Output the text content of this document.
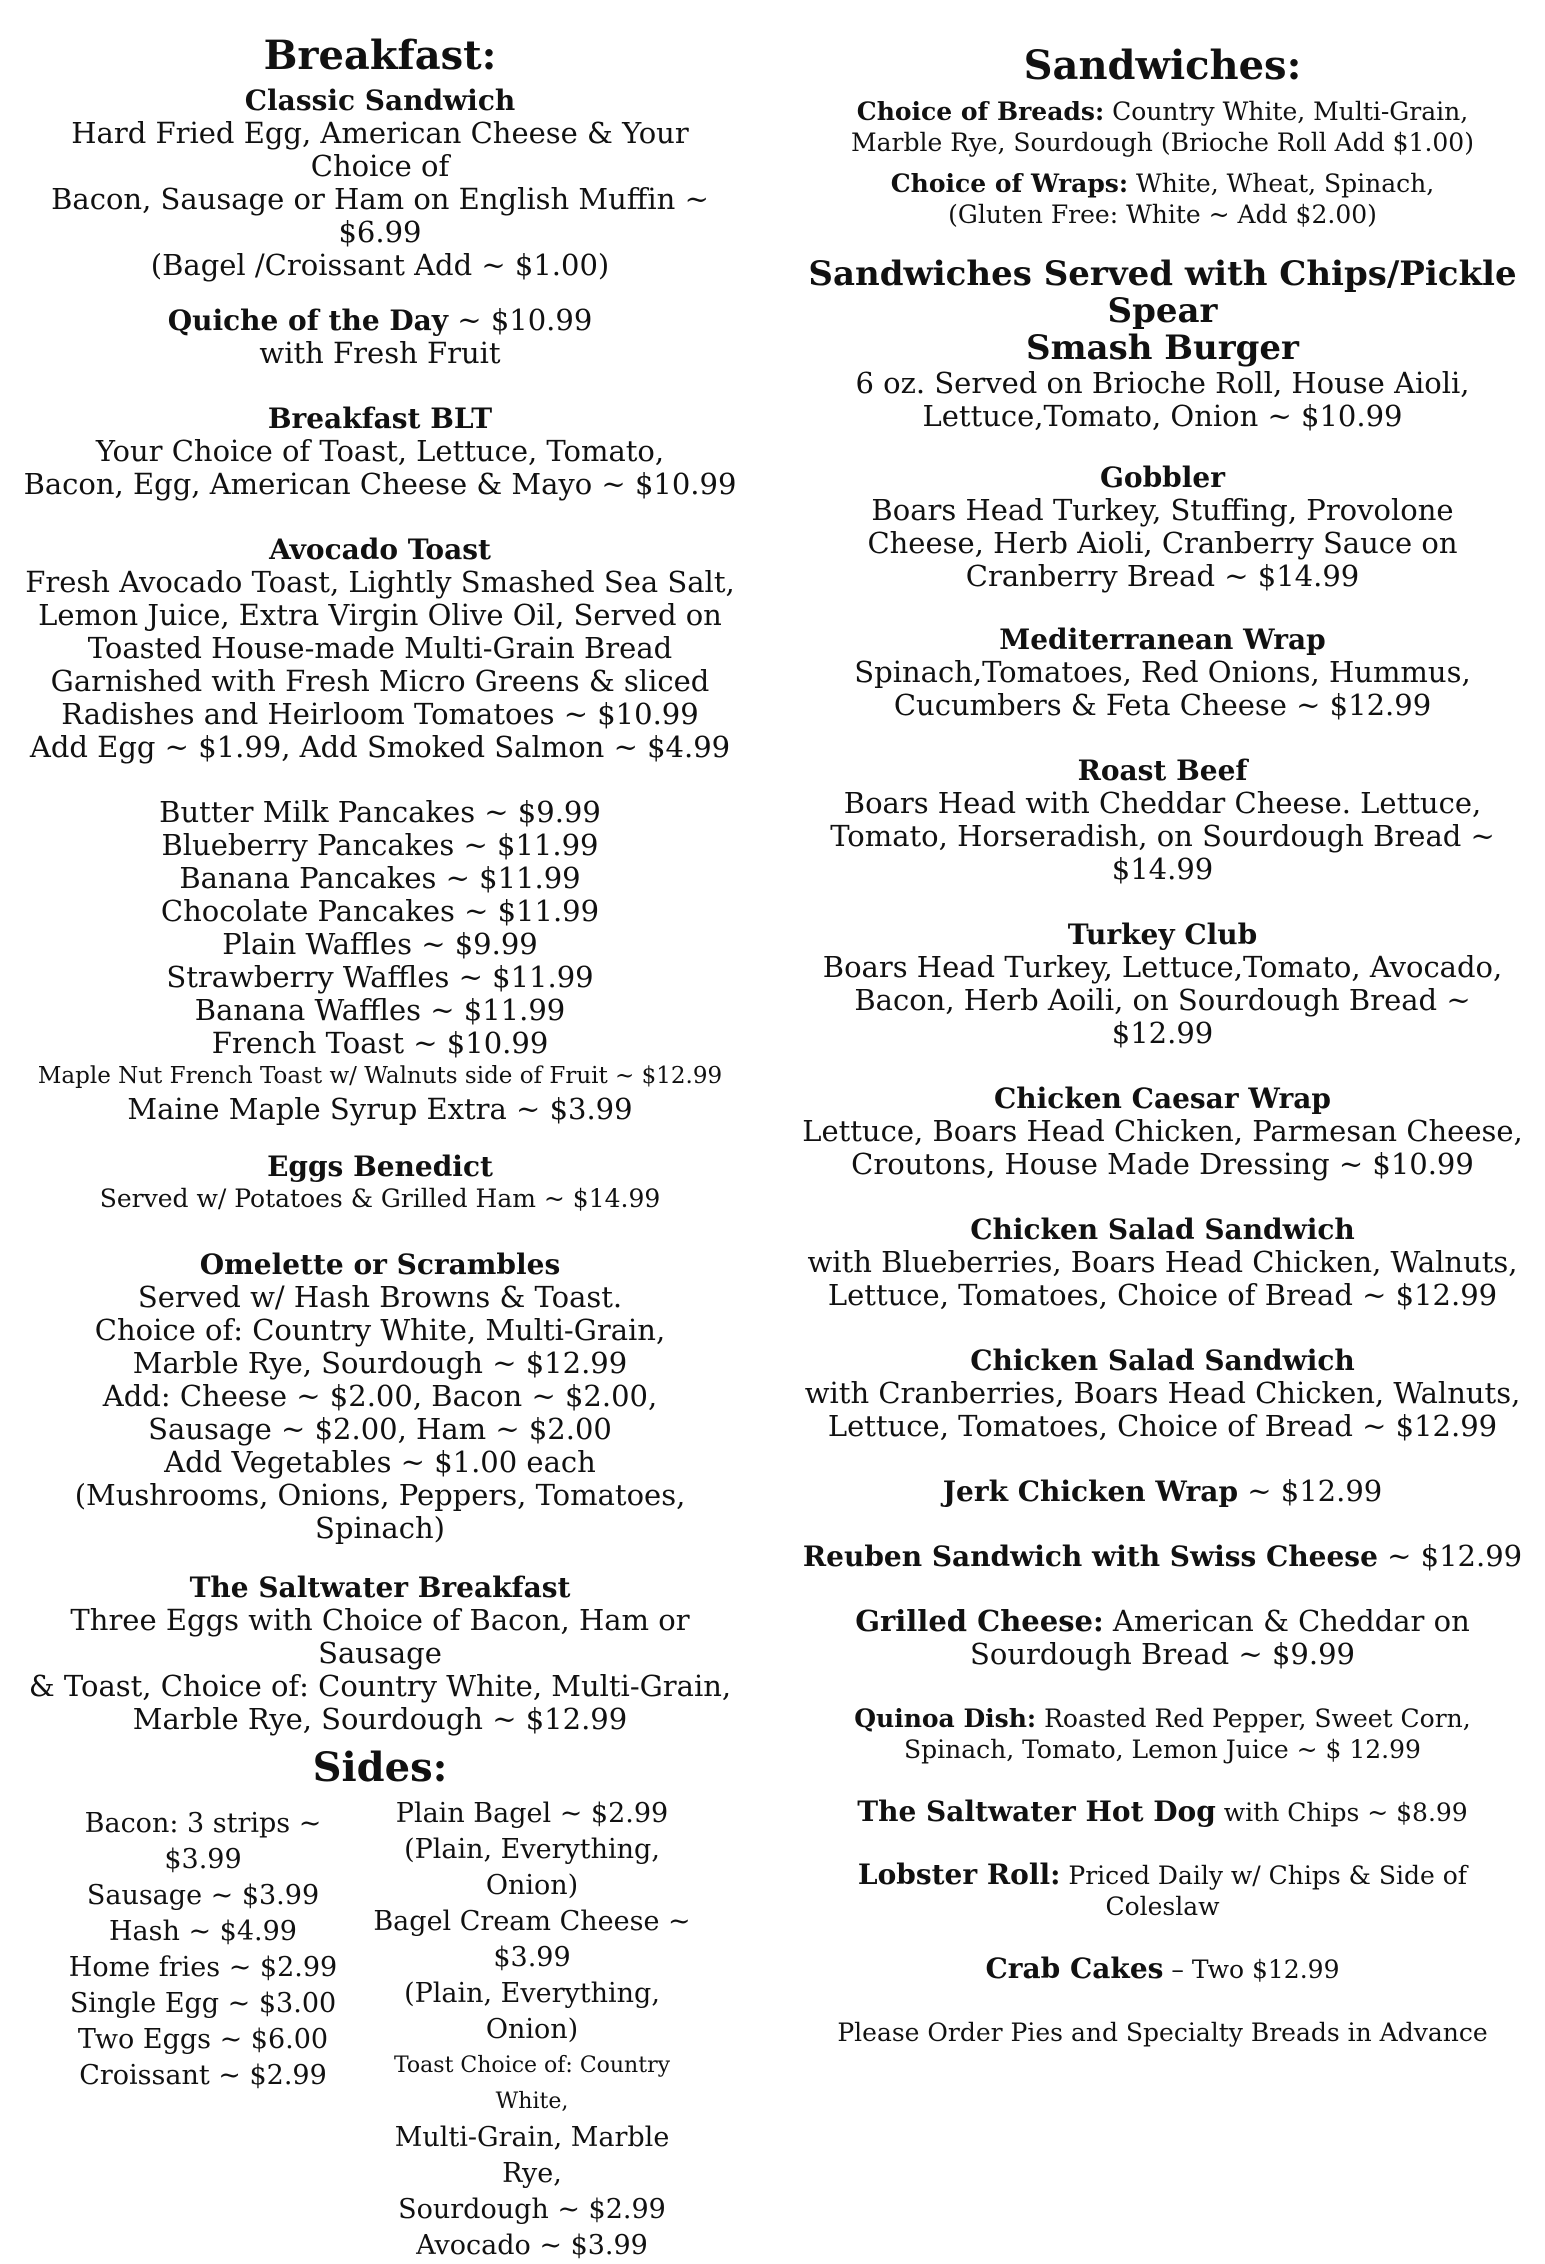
Breakfast:
Classic Sandwich
Hard Fried Egg, American Cheese & Your Choice of
Bacon, Sausage or Ham on English Muffin ~ $6.99
(Bagel /Croissant Add ~ $1.00)
Quiche of the Day ~ $10.99
with Fresh Fruit
Breakfast BLT
Your Choice of Toast, Lettuce, Tomato,
Bacon, Egg, American Cheese & Mayo ~ $10.99
Avocado Toast
Fresh Avocado Toast, Lightly Smashed Sea Salt,
Lemon Juice, Extra Virgin Olive Oil, Served on
Toasted House-made Multi-Grain Bread
Garnished with Fresh Micro Greens & sliced
Radishes and Heirloom Tomatoes ~ $10.99
Add Egg ~ $1.99, Add Smoked Salmon ~ $4.99
Butter Milk Pancakes ~ $9.99
Blueberry Pancakes ~ $11.99
Banana Pancakes ~ $11.99
Chocolate Pancakes ~ $11.99
Plain Waffles ~ $9.99
Strawberry Waffles ~ $11.99
Banana Waffles ~ $11.99
French Toast ~ $10.99
Maple Nut French Toast w/ Walnuts side of Fruit ~ $12.99
Maine Maple Syrup Extra ~ $3.99
Eggs Benedict
Served w/ Potatoes & Grilled Ham ~ $14.99
Omelette or Scrambles
Served w/ Hash Browns & Toast.
Choice of: Country White, Multi-Grain,
Marble Rye, Sourdough ~ $12.99
Add: Cheese ~ $2.00, Bacon ~ $2.00,
Sausage ~ $2.00, Ham ~ $2.00
Add Vegetables ~ $1.00 each
(Mushrooms, Onions, Peppers, Tomatoes, Spinach)
The Saltwater Breakfast
Three Eggs with Choice of Bacon, Ham or Sausage
& Toast, Choice of: Country White, Multi-Grain,
Marble Rye, Sourdough ~ $12.99
Sides:
Bacon: 3 strips ~ $3.99
Sausage ~ $3.99
Hash ~ $4.99
Home fries ~ $2.99
Single Egg ~ $3.00
Two Eggs ~ $6.00
Croissant ~ $2.99
Plain Bagel ~ $2.99
(Plain, Everything, Onion)
Bagel Cream Cheese ~ $3.99
(Plain, Everything, Onion)
Toast Choice of: Country White,
Multi-Grain, Marble Rye,
Sourdough ~ $2.99
Avocado ~ $3.99
Sandwiches:
Choice of Breads: Country White, Multi-Grain,
Marble Rye, Sourdough (Brioche Roll Add $1.00)
Choice of Wraps: White, Wheat, Spinach,
(Gluten Free: White ~ Add $2.00)
Sandwiches Served with Chips/Pickle Spear
Smash Burger
6 oz. Served on Brioche Roll, House Aioli,
Lettuce,Tomato, Onion ~ $10.99
Gobbler
Boars Head Turkey, Stuffing, Provolone
Cheese, Herb Aioli, Cranberry Sauce on
Cranberry Bread ~ $14.99
Mediterranean Wrap
Spinach,Tomatoes, Red Onions, Hummus,
Cucumbers & Feta Cheese ~ $12.99
Roast Beef
Boars Head with Cheddar Cheese. Lettuce,
Tomato, Horseradish, on Sourdough Bread ~ $14.99
Turkey Club
Boars Head Turkey, Lettuce,Tomato, Avocado,
Bacon, Herb Aoili, on Sourdough Bread ~ $12.99
Chicken Caesar Wrap
Lettuce, Boars Head Chicken, Parmesan Cheese,
Croutons, House Made Dressing ~ $10.99
Chicken Salad Sandwich
with Blueberries, Boars Head Chicken, Walnuts,
Lettuce, Tomatoes, Choice of Bread ~ $12.99
Chicken Salad Sandwich
with Cranberries, Boars Head Chicken, Walnuts,
Lettuce, Tomatoes, Choice of Bread ~ $12.99
Jerk Chicken Wrap ~ $12.99
Reuben Sandwich with Swiss Cheese ~ $12.99
Grilled Cheese: American & Cheddar on
Sourdough Bread ~ $9.99
Quinoa Dish: Roasted Red Pepper, Sweet Corn,
Spinach, Tomato, Lemon Juice ~ $ 12.99
The Saltwater Hot Dog with Chips ~ $8.99
Lobster Roll: Priced Daily w/ Chips & Side of Coleslaw
Crab Cakes – Two $12.99
Please Order Pies and Specialty Breads in Advance
